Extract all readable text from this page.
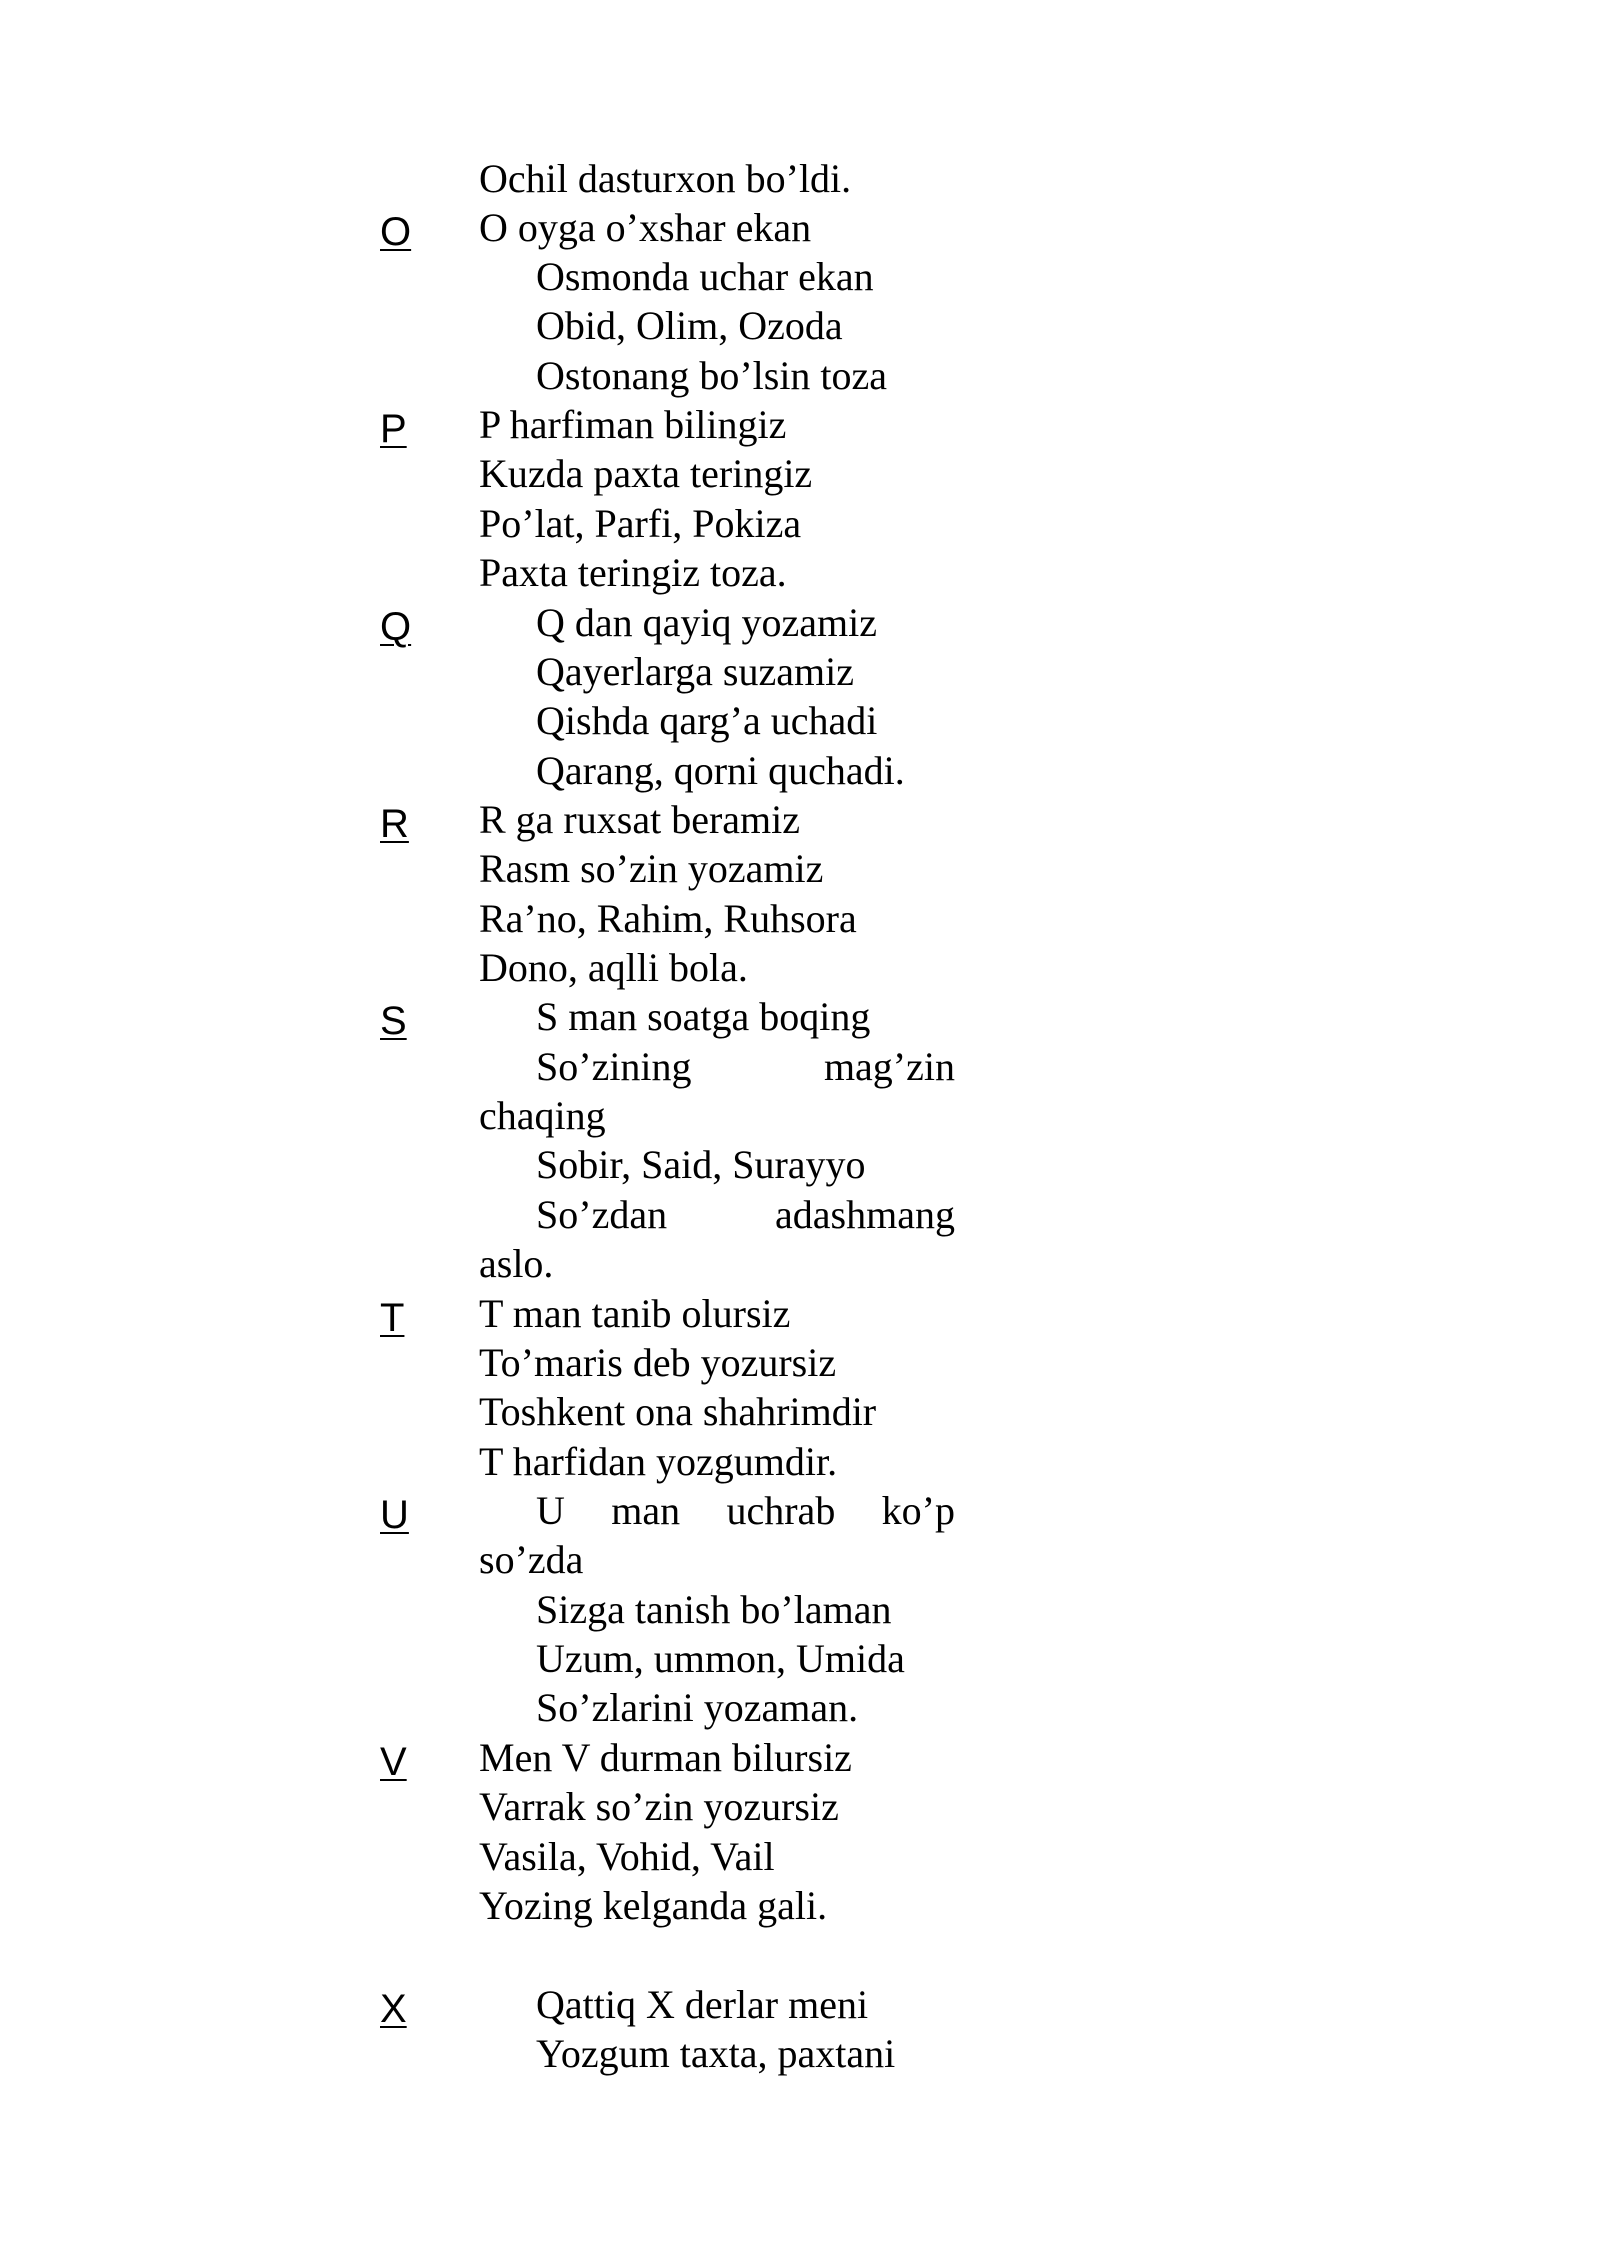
Ochil dasturxon bo’ldi.
O	O oyga o’xshar ekan
Osmonda uchar ekan
Obid, Olim, Ozoda
Ostonang bo’lsin toza
P	P harfiman bilingiz
Kuzda paxta teringiz
Po’lat, Parfi, Pokiza
Paxta teringiz toza.
Q	Q dan qayiq yozamiz
Qayerlarga suzamiz
Qishda qarg’a uchadi
Qarang, qorni quchadi.
R	R ga ruxsat beramiz
Rasm so’zin yozamiz
Ra’no, Rahim, Ruhsora
Dono, aqlli bola.
S	S man soatga boqing
So’zining	mag’zin
chaqing
Sobir, Said, Surayyo
So’zdan	adashmang
aslo.
T	T man tanib olursiz
To’maris deb yozursiz
Toshkent ona shahrimdir
T harfidan yozgumdir.
U	U man uchrab ko’p
so’zda
Sizga tanish bo’laman
Uzum, ummon, Umida
So’zlarini yozaman.
V	Men V durman bilursiz
Varrak so’zin yozursiz
Vasila, Vohid, Vail
Yozing kelganda gali.
X	Qattiq X derlar meni
Yozgum taxta, paxtani
